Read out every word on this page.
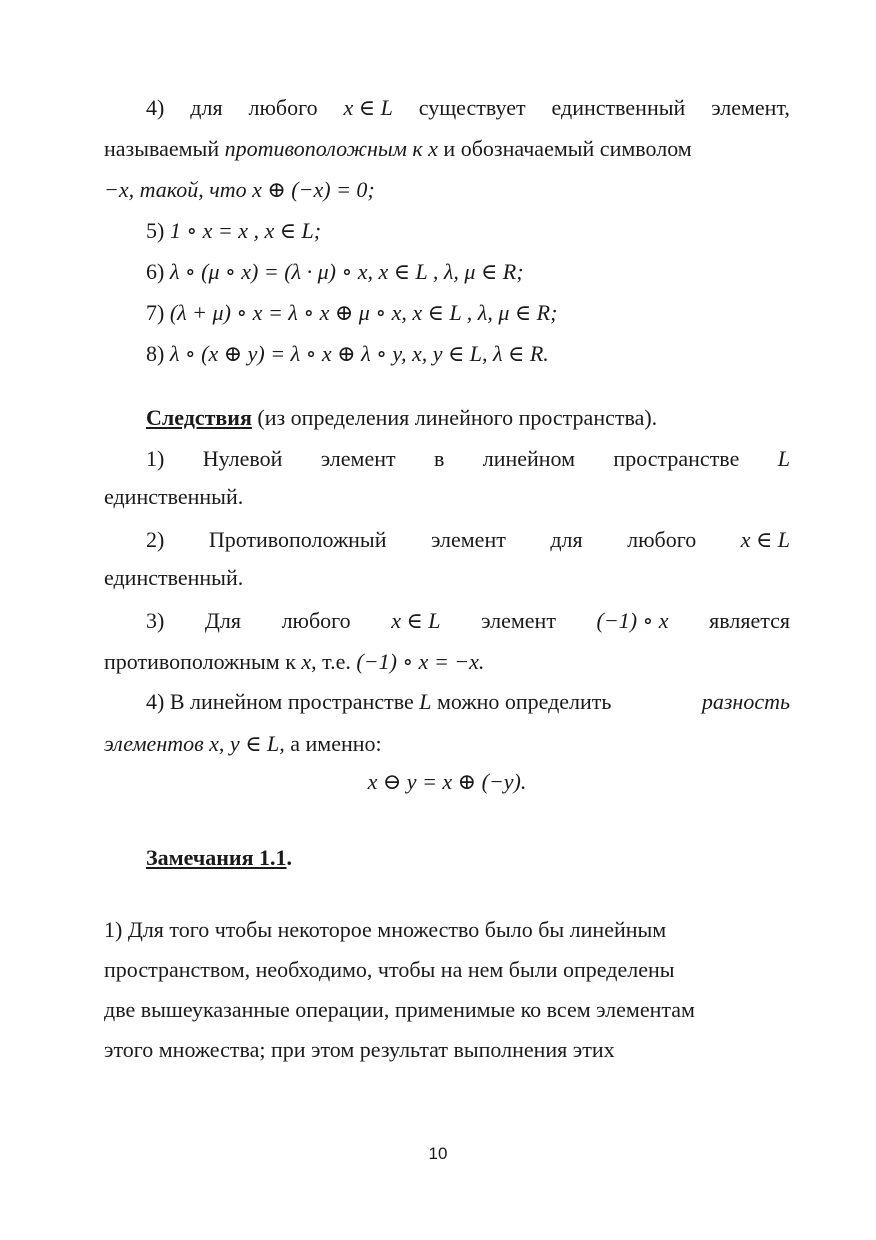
4) для любого x ∈ L существует единственный элемент,
называемый противоположным к x и обозначаемый символом
−x, такой, что x ⊕ (−x) = 0;
5) 1 ∘ x = x , x ∈ L;
6) λ ∘ (μ ∘ x) = (λ · μ) ∘ x, x ∈ L , λ, μ ∈ R;
7) (λ + μ) ∘ x = λ ∘ x ⊕ μ ∘ x, x ∈ L , λ, μ ∈ R;
8) λ ∘ (x ⊕ y) = λ ∘ x ⊕ λ ∘ y, x, y ∈ L, λ ∈ R.
Следствия (из определения линейного пространства).
1) Нулевой элемент в линейном пространстве L
единственный.
2) Противоположный элемент для любого x ∈ L
единственный.
3) Для любого x ∈ L элемент (−1) ∘ x является
противоположным к x, т.е. (−1) ∘ x = −x.
4) В линейном пространстве L можно определить	разность
элементов x, y ∈ L, а именно:
x ⊖ y = x ⊕ (−y).
Замечания 1.1.
1) Для того чтобы некоторое множество было бы линейным
пространством, необходимо, чтобы на нем были определены
две вышеуказанные операции, применимые ко всем элементам
этого множества; при этом результат выполнения этих
10
